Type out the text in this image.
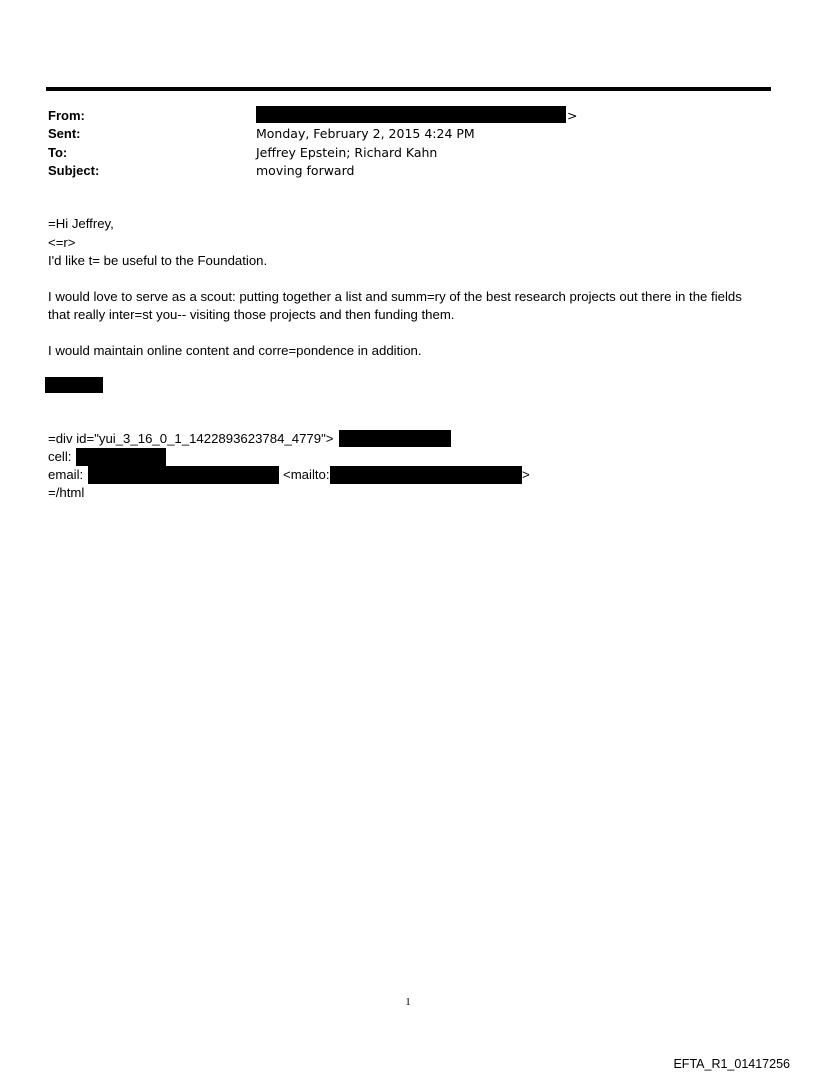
From:	>
Sent:	Monday, February 2, 2015 4:24 PM
To:	Jeffrey Epstein; Richard Kahn
Subject:	moving forward
=Hi Jeffrey,
<=r>
I'd like t= be useful to the Foundation.
I would love to serve as a scout: putting together a list and summ=ry of the best research projects out there in the fields
that really inter=st you-- visiting those projects and then funding them.
I would maintain online content and corre=pondence in addition.
=div id="yui_3_16_0_1_1422893623784_4779">
cell:
email:	<mailto:	>
=/html
1
EFTA_R1_01417256
